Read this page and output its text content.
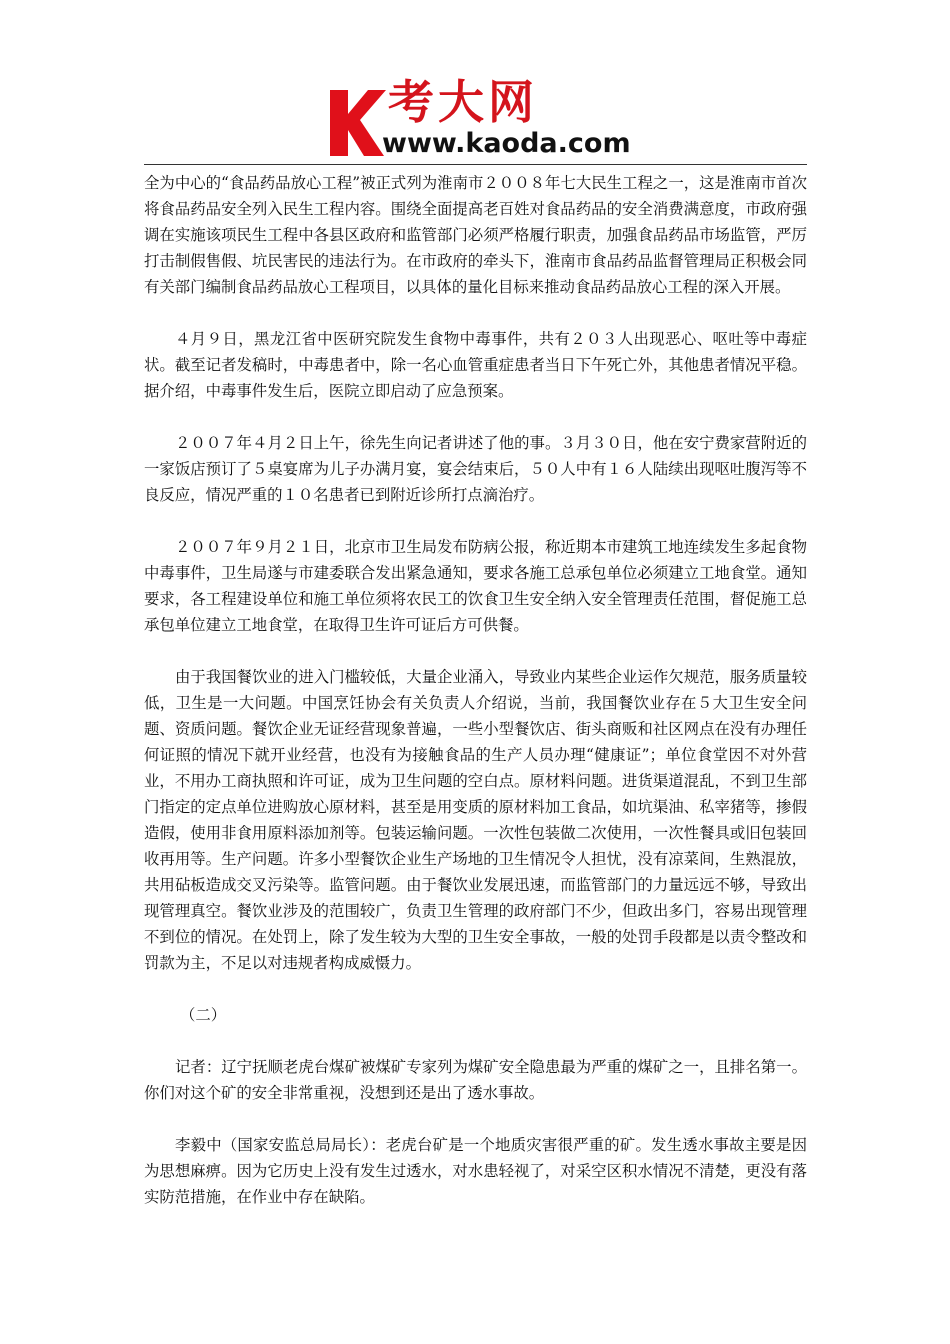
考大网
www.kaoda.com

全为中心的“食品药品放心工程”被正式列为淮南市２００８年七大民生工程之一，这是淮南市首次将食品药品安全列入民生工程内容。围绕全面提高老百姓对食品药品的安全消费满意度，市政府强调在实施该项民生工程中各县区政府和监管部门必须严格履行职责，加强食品药品市场监管，严厉打击制假售假、坑民害民的违法行为。在市政府的牵头下，淮南市食品药品监督管理局正积极会同有关部门编制食品药品放心工程项目，以具体的量化目标来推动食品药品放心工程的深入开展。

４月９日，黑龙江省中医研究院发生食物中毒事件，共有２０３人出现恶心、呕吐等中毒症状。截至记者发稿时，中毒患者中，除一名心血管重症患者当日下午死亡外，其他患者情况平稳。据介绍，中毒事件发生后，医院立即启动了应急预案。

２００７年４月２日上午，徐先生向记者讲述了他的事。３月３０日，他在安宁费家营附近的一家饭店预订了５桌宴席为儿子办满月宴，宴会结束后，５０人中有１６人陆续出现呕吐腹泻等不良反应，情况严重的１０名患者已到附近诊所打点滴治疗。

２００７年９月２１日，北京市卫生局发布防病公报，称近期本市建筑工地连续发生多起食物中毒事件，卫生局遂与市建委联合发出紧急通知，要求各施工总承包单位必须建立工地食堂。通知要求，各工程建设单位和施工单位须将农民工的饮食卫生安全纳入安全管理责任范围，督促施工总承包单位建立工地食堂，在取得卫生许可证后方可供餐。

由于我国餐饮业的进入门槛较低，大量企业涌入，导致业内某些企业运作欠规范，服务质量较低，卫生是一大问题。中国烹饪协会有关负责人介绍说，当前，我国餐饮业存在５大卫生安全问题、资质问题。餐饮企业无证经营现象普遍，一些小型餐饮店、街头商贩和社区网点在没有办理任何证照的情况下就开业经营，也没有为接触食品的生产人员办理“健康证”；单位食堂因不对外营业，不用办工商执照和许可证，成为卫生问题的空白点。原材料问题。进货渠道混乱，不到卫生部门指定的定点单位进购放心原材料，甚至是用变质的原材料加工食品，如坑渠油、私宰猪等，掺假造假，使用非食用原料添加剂等。包装运输问题。一次性包装做二次使用，一次性餐具或旧包装回收再用等。生产问题。许多小型餐饮企业生产场地的卫生情况令人担忧，没有凉菜间，生熟混放，共用砧板造成交叉污染等。监管问题。由于餐饮业发展迅速，而监管部门的力量远远不够，导致出现管理真空。餐饮业涉及的范围较广，负责卫生管理的政府部门不少，但政出多门，容易出现管理不到位的情况。在处罚上，除了发生较为大型的卫生安全事故，一般的处罚手段都是以责令整改和罚款为主，不足以对违规者构成威慑力。

（二）

记者：辽宁抚顺老虎台煤矿被煤矿专家列为煤矿安全隐患最为严重的煤矿之一，且排名第一。你们对这个矿的安全非常重视，没想到还是出了透水事故。

李毅中（国家安监总局局长）：老虎台矿是一个地质灾害很严重的矿。发生透水事故主要是因为思想麻痹。因为它历史上没有发生过透水，对水患轻视了，对采空区积水情况不清楚，更没有落实防范措施，在作业中存在缺陷。
